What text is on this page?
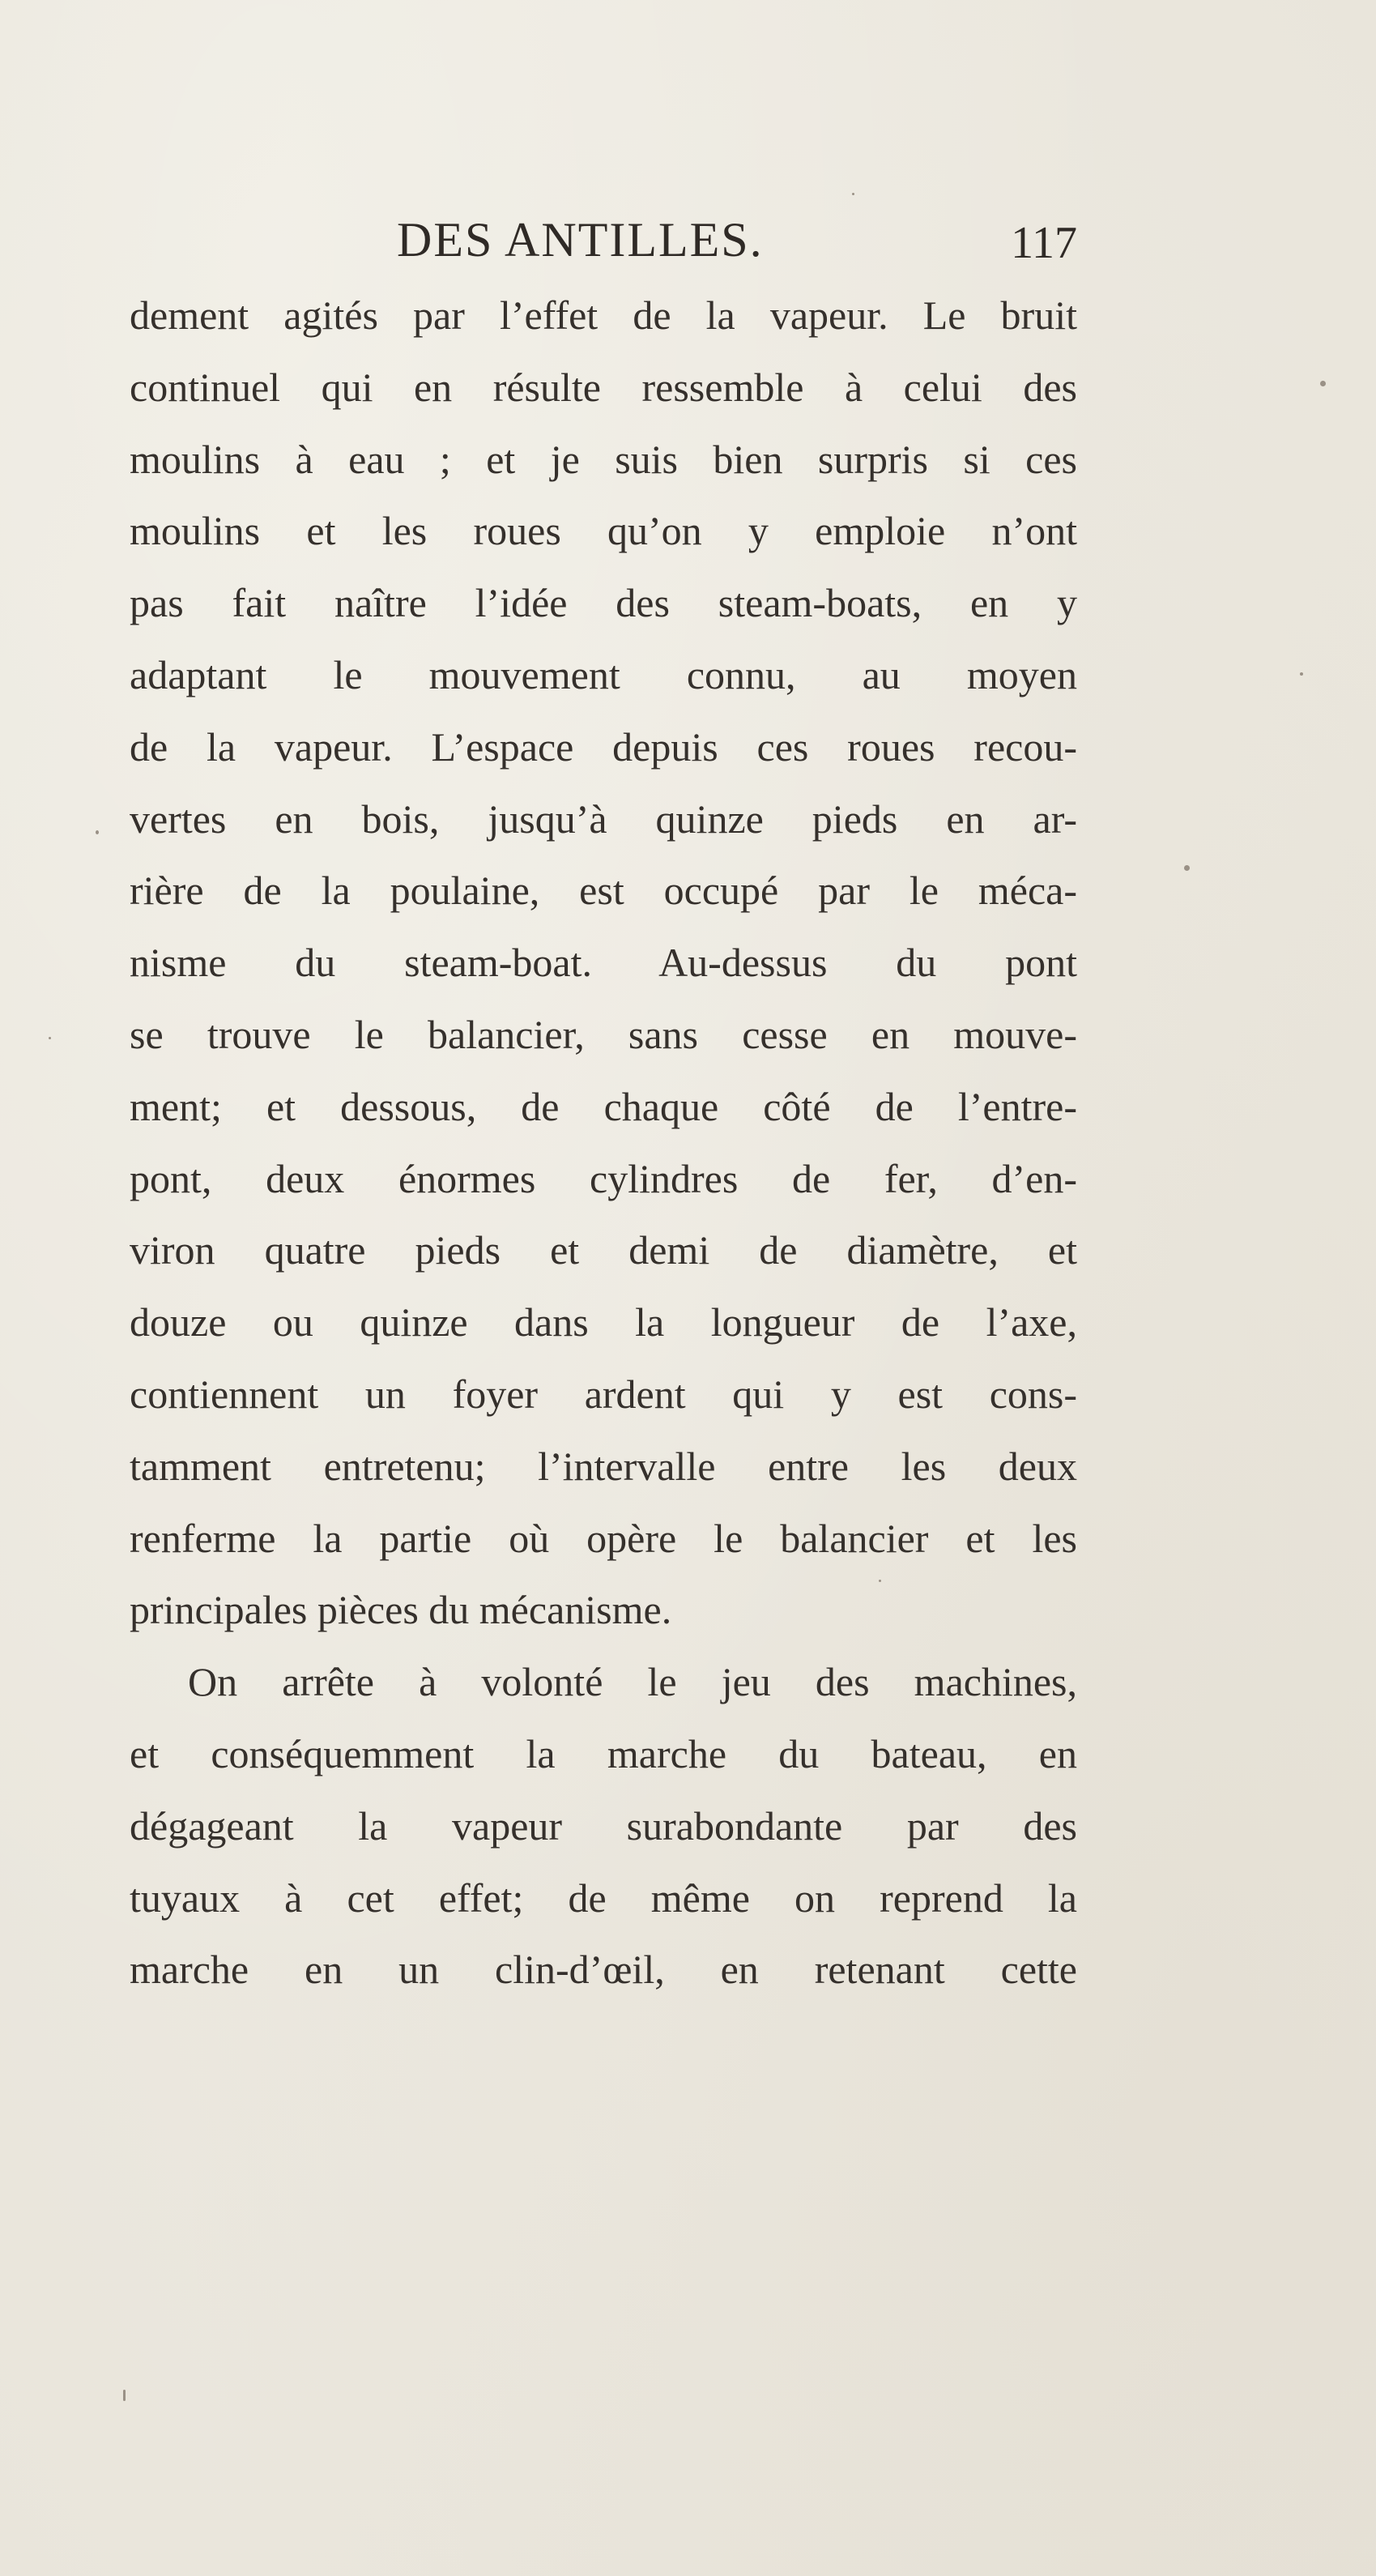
DES ANTILLES.	117
dement agités par l’effet de la vapeur. Le bruit
continuel qui en résulte ressemble à celui des
moulins à eau ; et je suis bien surpris si ces
moulins et les roues qu’on y emploie n’ont
pas fait naître l’idée des steam-boats, en y
adaptant le mouvement connu, au moyen
de la vapeur. L’espace depuis ces roues recou-
vertes en bois, jusqu’à quinze pieds en ar-
rière de la poulaine, est occupé par le méca-
nisme du steam-boat. Au-dessus du pont
se trouve le balancier, sans cesse en mouve-
ment; et dessous, de chaque côté de l’entre-
pont, deux énormes cylindres de fer, d’en-
viron quatre pieds et demi de diamètre, et
douze ou quinze dans la longueur de l’axe,
contiennent un foyer ardent qui y est cons-
tamment entretenu; l’intervalle entre les deux
renferme la partie où opère le balancier et les
principales pièces du mécanisme.
On arrête à volonté le jeu des machines,
et conséquemment la marche du bateau, en
dégageant la vapeur surabondante par des
tuyaux à cet effet; de même on reprend la
marche en un clin-d’œil, en retenant cette
